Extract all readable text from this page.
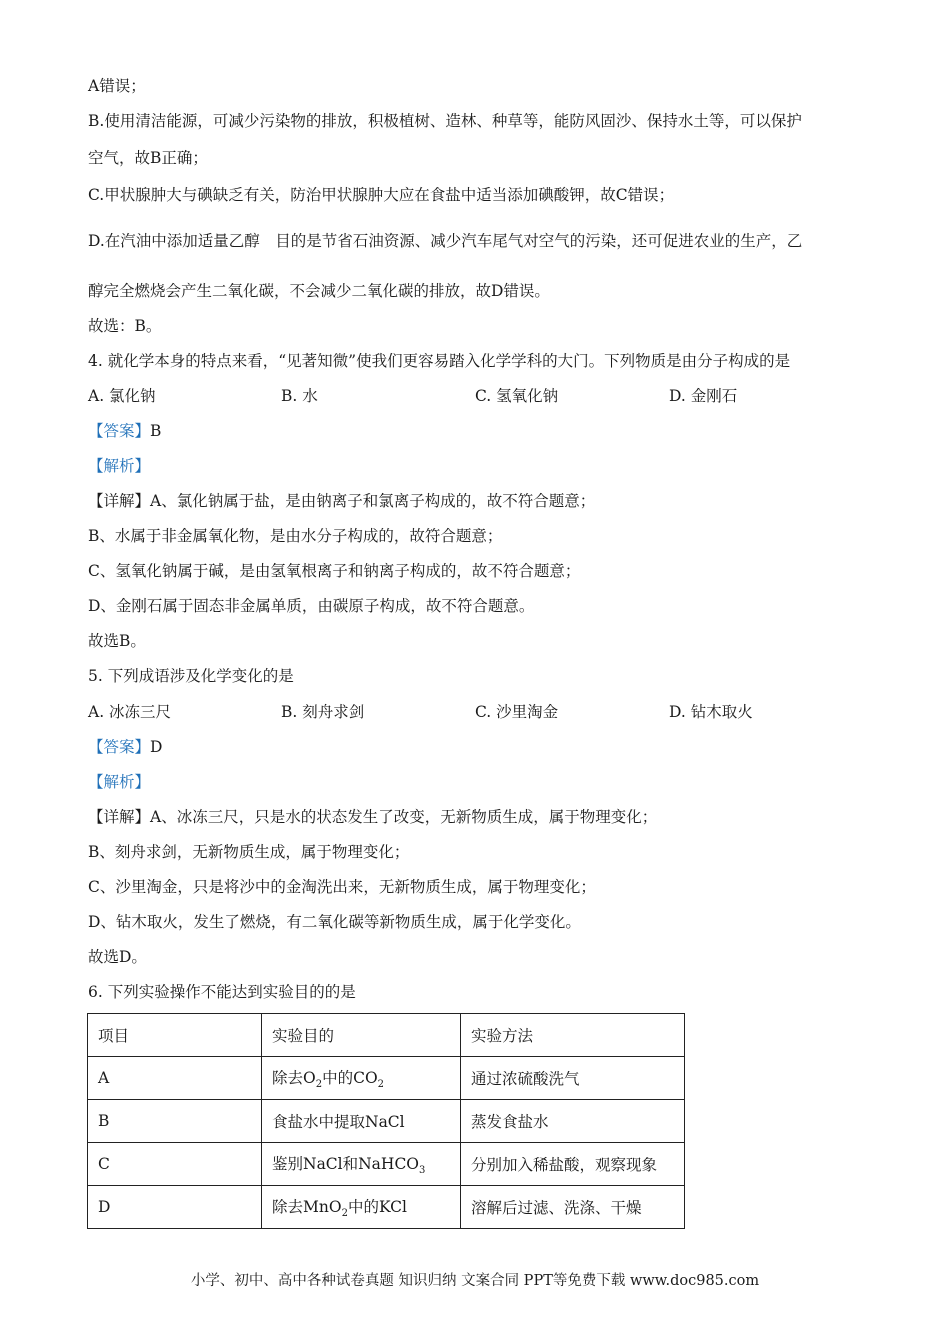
A错误；
B.使用清洁能源，可减少污染物的排放，积极植树、造林、种草等，能防风固沙、保持水土等，可以保护
空气，故B正确；
C.甲状腺肿大与碘缺乏有关，防治甲状腺肿大应在食盐中适当添加碘酸钾，故C错误；
D.在汽油中添加适量乙醇　目的是节省石油资源、减少汽车尾气对空气的污染，还可促进农业的生产，乙
醇完全燃烧会产生二氧化碳，不会减少二氧化碳的排放，故D错误。
故选：B。
4. 就化学本身的特点来看，“见著知微”使我们更容易踏入化学学科的大门。下列物质是由分子构成的是
A. 氯化钠	B. 水	C. 氢氧化钠	D. 金刚石
【答案】B
【解析】
【详解】A、氯化钠属于盐，是由钠离子和氯离子构成的，故不符合题意；
B、水属于非金属氧化物，是由水分子构成的，故符合题意；
C、氢氧化钠属于碱，是由氢氧根离子和钠离子构成的，故不符合题意；
D、金刚石属于固态非金属单质，由碳原子构成，故不符合题意。
故选B。
5. 下列成语涉及化学变化的是
A. 冰冻三尺	B. 刻舟求剑	C. 沙里淘金	D. 钻木取火
【答案】D
【解析】
【详解】A、冰冻三尺，只是水的状态发生了改变，无新物质生成，属于物理变化；
B、刻舟求剑，无新物质生成，属于物理变化；
C、沙里淘金，只是将沙中的金淘洗出来，无新物质生成，属于物理变化；
D、钻木取火，发生了燃烧，有二氧化碳等新物质生成，属于化学变化。
故选D。
6. 下列实验操作不能达到实验目的的是
项目	实验目的	实验方法
A	除去$O_2$中的$CO_2$	通过浓硫酸洗气
B	食盐水中提取NaCl	蒸发食盐水
C	鉴别NaCl和NaHCO$_3$	分别加入稀盐酸，观察现象
D	除去MnO$_2$中的KCl	溶解后过滤、洗涤、干燥
小学、初中、高中各种试卷真题 知识归纳 文案合同 PPT等免费下载 www.doc985.com
